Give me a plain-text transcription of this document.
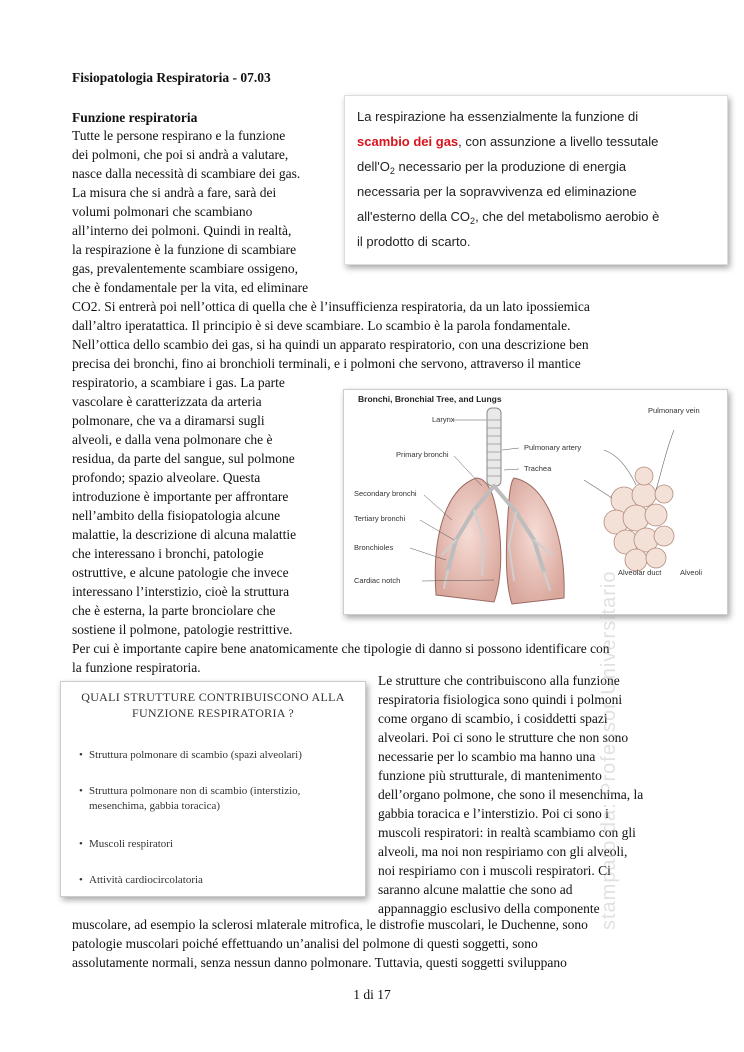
Fisiopatologia Respiratoria - 07.03
Funzione respiratoria	La respirazione ha essenzialmente la funzione di
scambio dei gas, con assunzione a livello tessutale
$dell'O_2$ necessario per la produzione di energia
necessaria per la sopravvivenza ed eliminazione
all'esterno della $CO_2$, che del metabolismo aerobio è
il prodotto di scarto.
Tutte le persone respirano e la funzione
dei polmoni, che poi si andrà a valutare,
nasce dalla necessità di scambiare dei gas.
La misura che si andrà a fare, sarà dei
volumi polmonari che scambiano
all’interno dei polmoni. Quindi in realtà,
la respirazione è la funzione di scambiare
gas, prevalentemente scambiare ossigeno,
che è fondamentale per la vita, ed eliminare
CO2. Si entrerà poi nell’ottica di quella che è l’insufficienza respiratoria, da un lato ipossiemica
dall’altro iperatattica. Il principio è si deve scambiare. Lo scambio è la parola fondamentale.
Nell’ottica dello scambio dei gas, si ha quindi un apparato respiratorio, con una descrizione ben
precisa dei bronchi, fino ai bronchioli terminali, e i polmoni che servono, attraverso il mantice
respiratorio, a scambiare i gas. La parte
vascolare è caratterizzata da arteria
polmonare, che va a diramarsi sugli
alveoli, e dalla vena polmonare che è
residua, da parte del sangue, sul polmone
profondo; spazio alveolare. Questa
introduzione è importante per affrontare
nell’ambito della fisiopatologia alcune
malattie, la descrizione di alcuna malattie
che interessano i bronchi, patologie
ostruttive, e alcune patologie che invece
interessano l’interstizio, cioè la struttura
che è esterna, la parte bronciolare che
sostiene il polmone, patologie restrittive.
Per cui è importante capire bene anatomicamente che tipologie di danno si possono identificare con
la funzione respiratoria.
Bronchi, Bronchial Tree, and Lungs
Larynx
Pulmonary artery
Pulmonary vein
Primary bronchi
Trachea
Secondary bronchi
Tertiary bronchi
Bronchioles
Cardiac notch
Alveolar duct Alveoli
QUALI STRUTTURE CONTRIBUISCONO ALLA
FUNZIONE RESPIRATORIA ?
• Struttura polmonare di scambio (spazi alveolari)
• Struttura polmonare non di scambio (interstizio,
mesenchima, gabbia toracica)
• Muscoli respiratori
• Attività cardiocircolatoria
Le strutture che contribuiscono alla funzione
respiratoria fisiologica sono quindi i polmoni
come organo di scambio, i cosiddetti spazi
alveolari. Poi ci sono le strutture che non sono
necessarie per lo scambio ma hanno una
funzione più strutturale, di mantenimento
dell’organo polmone, che sono il mesenchima, la
gabbia toracica e l’interstizio. Poi ci sono i
muscoli respiratori: in realtà scambiamo con gli
alveoli, ma noi non respiriamo con gli alveoli,
noi respiriamo con i muscoli respiratori. Ci
saranno alcune malattie che sono ad
appannaggio esclusivo della componente
muscolare, ad esempio la sclerosi mlaterale mitrofica, le distrofie muscolari, le Duchenne, sono
patologie muscolari poiché effettuando un’analisi del polmone di questi soggetti, sono
assolutamente normali, senza nessun danno polmonare. Tuttavia, questi soggetti sviluppano
stampato da: Professor Universitario
1 di 17
